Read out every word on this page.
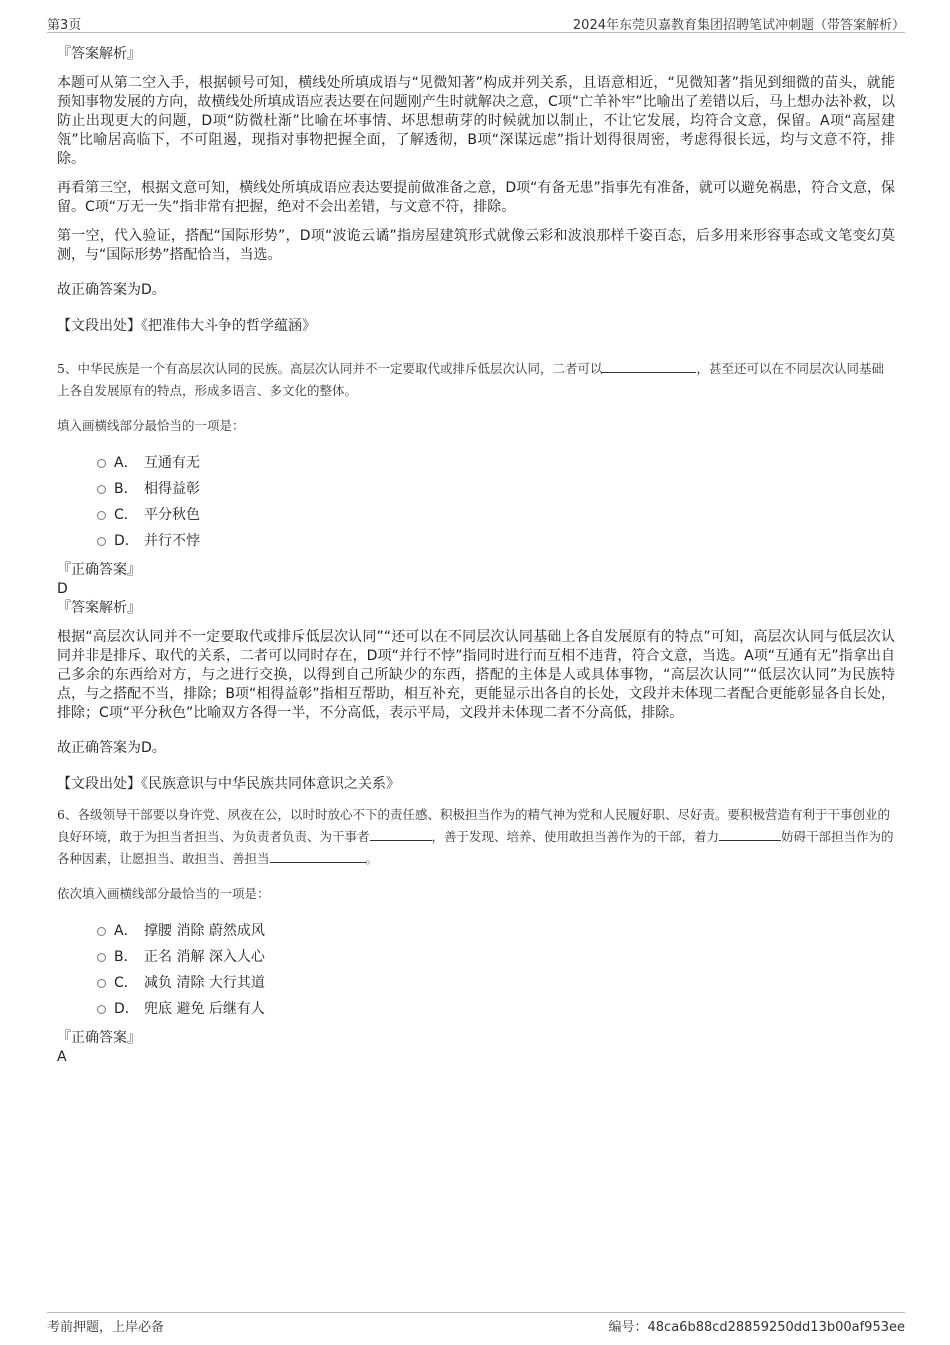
第3页	2024年东莞贝嘉教育集团招聘笔试冲刺题（带答案解析）
『答案解析』

本题可从第二空入手，根据顿号可知，横线处所填成语与“见微知著”构成并列关系，且语意相近，“见微知著”指见到细微的苗头，就能预知事物发展的方向，故横线处所填成语应表达要在问题刚产生时就解决之意，C项“亡羊补牢”比喻出了差错以后，马上想办法补救，以防止出现更大的问题，D项“防微杜渐”比喻在坏事情、坏思想萌芽的时候就加以制止，不让它发展，均符合文意，保留。A项“高屋建瓴”比喻居高临下，不可阻遏，现指对事物把握全面，了解透彻，B项“深谋远虑”指计划得很周密，考虑得很长远，均与文意不符，排除。

再看第三空，根据文意可知，横线处所填成语应表达要提前做准备之意，D项“有备无患”指事先有准备，就可以避免祸患，符合文意，保留。C项“万无一失”指非常有把握，绝对不会出差错，与文意不符，排除。

第一空，代入验证，搭配“国际形势”，D项“波诡云谲”指房屋建筑形式就像云彩和波浪那样千姿百态，后多用来形容事态或文笔变幻莫测，与“国际形势”搭配恰当，当选。

故正确答案为D。

【文段出处】《把准伟大斗争的哲学蕴涵》

5、中华民族是一个有高层次认同的民族。高层次认同并不一定要取代或排斥低层次认同，二者可以	，甚至还可以在不同层次认同基础上各自发展原有的特点，形成多语言、多文化的整体。

填入画横线部分最恰当的一项是：
A． 互通有无
B． 相得益彰
C． 平分秋色
D． 并行不悖
『正确答案』
D
『答案解析』

根据“高层次认同并不一定要取代或排斥低层次认同”“还可以在不同层次认同基础上各自发展原有的特点”可知，高层次认同与低层次认同并非是排斥、取代的关系，二者可以同时存在，D项“并行不悖”指同时进行而互相不违背，符合文意，当选。A项“互通有无”指拿出自己多余的东西给对方，与之进行交换，以得到自己所缺少的东西，搭配的主体是人或具体事物，“高层次认同”“低层次认同”为民族特点，与之搭配不当，排除；B项“相得益彰”指相互帮助，相互补充，更能显示出各自的长处，文段并未体现二者配合更能彰显各自长处，排除；C项“平分秋色”比喻双方各得一半，不分高低，表示平局，文段并未体现二者不分高低，排除。

故正确答案为D。

【文段出处】《民族意识与中华民族共同体意识之关系》

6、各级领导干部要以身许党、夙夜在公，以时时放心不下的责任感、积极担当作为的精气神为党和人民履好职、尽好责。要积极营造有利于干事创业的良好环境，敢于为担当者担当、为负责者负责、为干事者	，善于发现、培养、使用敢担当善作为的干部，着力	妨碍干部担当作为的各种因素，让愿担当、敢担当、善担当	。

依次填入画横线部分最恰当的一项是：
A． 撑腰 消除 蔚然成风
B． 正名 消解 深入人心
C． 减负 清除 大行其道
D． 兜底 避免 后继有人
『正确答案』
A
考前押题，上岸必备	编号：48ca6b88cd28859250dd13b00af953ee
